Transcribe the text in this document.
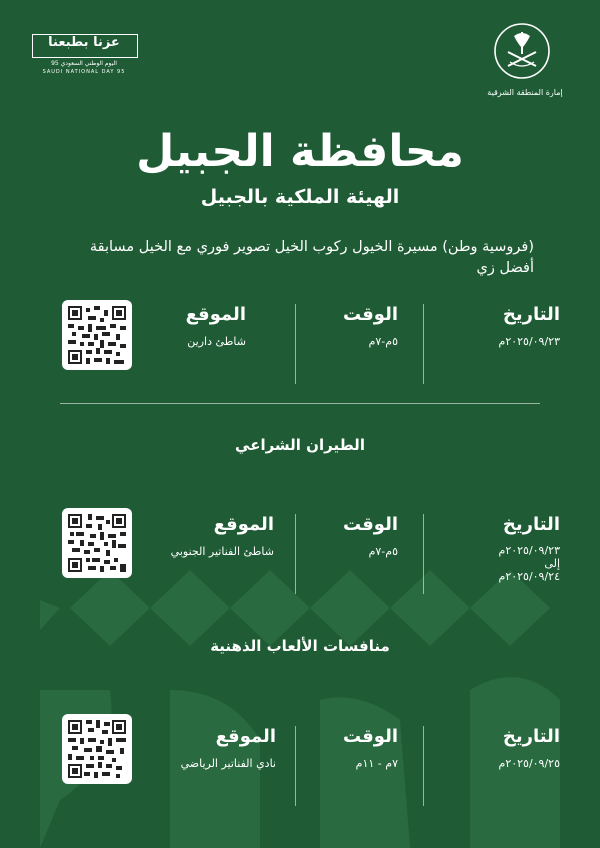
عزنا بطبعنا
اليوم الوطني السعودي 95
SAUDI NATIONAL DAY 95
إمارة المنطقة الشرقية
محافظة الجبيل
الهيئة الملكية بالجبيل
(فروسية وطن) مسيرة الخيول ركوب الخيل تصوير فوري مع الخيل مسابقة أفضل زي
التاريخ
٢٠٢٥/٠٩/٢٣م
الوقت
٥م-٧م
الموقع
شاطئ دارين
الطيران الشراعي
التاريخ
٢٠٢٥/٠٩/٢٣م
إلى
٢٠٢٥/٠٩/٢٤م
الوقت
٥م-٧م
الموقع
شاطئ الفناتير الجنوبي
منافسات الألعاب الذهنية
التاريخ
٢٠٢٥/٠٩/٢٥م
الوقت
٧م - ١١م
الموقع
نادي الفناتير الرياضي
